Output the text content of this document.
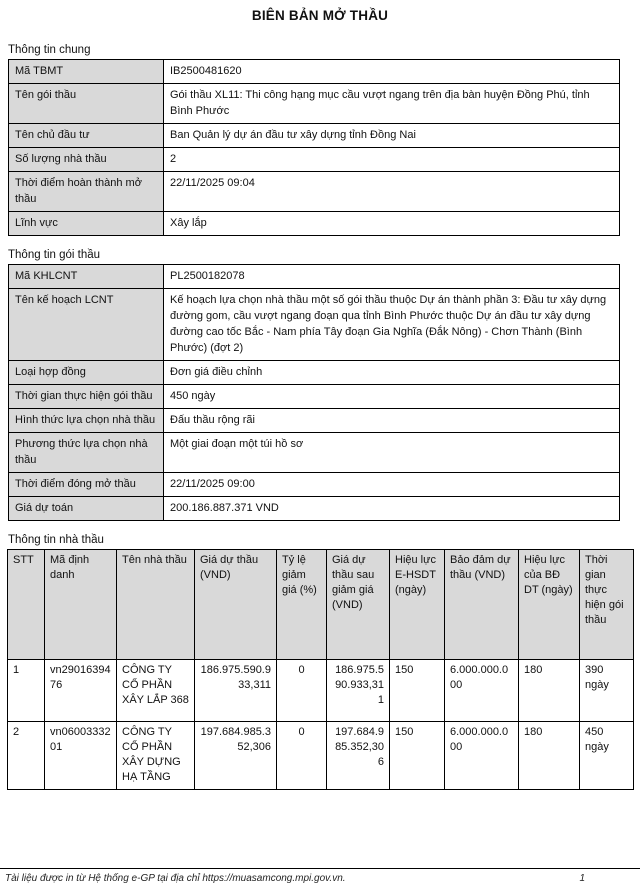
BIÊN BẢN MỞ THẦU
Thông tin chung
Mã TBMT	IB2500481620
Tên gói thầu	Gói thầu XL11: Thi công hạng mục cầu vượt ngang trên địa bàn huyện Đồng Phú, tỉnh Bình Phước
Tên chủ đầu tư	Ban Quản lý dự án đầu tư xây dựng tỉnh Đồng Nai
Số lượng nhà thầu	2
Thời điểm hoàn thành mở thầu	22/11/2025 09:04
Lĩnh vực	Xây lắp
Thông tin gói thầu
Mã KHLCNT	PL2500182078
Tên kế hoạch LCNT	Kế hoạch lựa chọn nhà thầu một số gói thầu thuộc Dự án thành phần 3: Đầu tư xây dựng đường gom, cầu vượt ngang đoạn qua tỉnh Bình Phước thuộc Dự án đầu tư xây dựng đường cao tốc Bắc - Nam phía Tây đoạn Gia Nghĩa (Đắk Nông) - Chơn Thành (Bình Phước) (đợt 2)
Loại hợp đồng	Đơn giá điều chỉnh
Thời gian thực hiện gói thầu	450 ngày
Hình thức lựa chọn nhà thầu	Đấu thầu rộng rãi
Phương thức lựa chọn nhà thầu	Một giai đoạn một túi hồ sơ
Thời điểm đóng mở thầu	22/11/2025 09:00
Giá dự toán	200.186.887.371 VND
Thông tin nhà thầu
STT	Mã định danh	Tên nhà thầu	Giá dự thầu (VND)	Tỷ lệ giảm giá (%)	Giá dự thầu sau giảm giá (VND)	Hiệu lực E-HSDT (ngày)	Bảo đảm dự thầu (VND)	Hiệu lực của BĐ DT (ngày)	Thời gian thực hiện gói thầu
1	vn2901639476	CÔNG TY CỔ PHẦN XÂY LẮP 368	186.975.590.933,311	0	186.975.590.933,311	150	6.000.000.000	180	390 ngày
2	vn0600333201	CÔNG TY CỔ PHẦN XÂY DỰNG HẠ TẦNG	197.684.985.352,306	0	197.684.985.352,306	150	6.000.000.000	180	450 ngày
Tài liệu được in từ Hệ thống e-GP tại địa chỉ https://muasamcong.mpi.gov.vn.	1
